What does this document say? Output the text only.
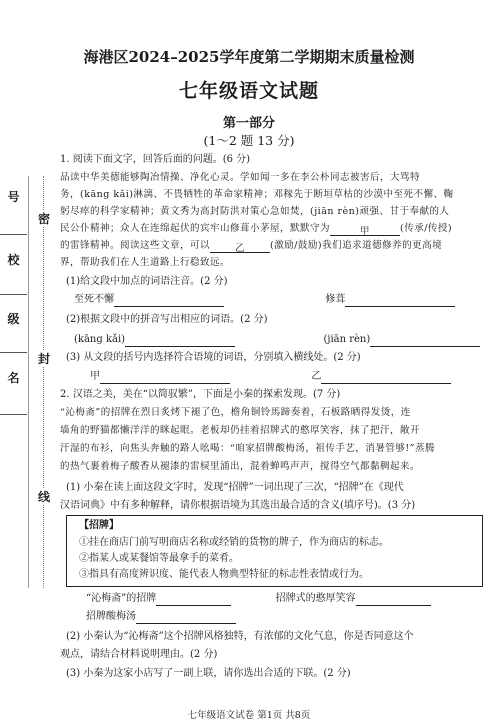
号
校
级
名
密
封
线
海港区2024–2025学年度第二学期期末质量检测
七年级语文试题
第一部分
(1～2 题 13 分)
1. 阅读下面文字，回答后面的问题。(6 分)
品读中华美德能够陶冶情操、净化心灵。学如闻一多在李公朴同志被害后，大骂特
务，(kāng kǎi)淋漓、不畏牺牲的革命家精神；邓稼先于断垣草枯的沙漠中至死不懈、鞠
躬尽瘁的科学家精神；黄文秀为高封防洪对策心急如焚，(jiān rèn)顽强、甘于奉献的人
民公仆精神；众人在连绵起伏的宾牢山修葺小茅屋，默默守为	甲	(传承/传授)
的雷锋精神。阅读这些文章，可以	乙	(激励/鼓励)我们追求道德修养的更高境
界，帮助我们在人生道路上行稳致远。
(1)给文段中加点的词语注音。(2 分)
至死不懈	修葺
(2)根据文段中的拼音写出相应的词语。(2 分)
(kāng kǎi)	(jiān rèn)
(3) 从文段的括号内选择符合语境的词语，分别填入横线处。(2 分)
甲	乙
2. 汉语之美，美在“以简驭繁”，下面是小秦的探索发现。(7 分)
“沁梅斋”的招牌在烈日炙烤下褪了色，檐角铜铃馬蹄奏着，石板路晒得发烫，连
墙角的野猫都懒洋洋的眯起眼。老板却仍挂着招牌式的憨厚笑容，抹了把汗，敞开
汗湿的布衫，向焦头奔触的路人吆喝：“咱家招牌酸梅汤，祖传手艺，消暑管够!”蒸腾
的热气裹着梅子酸香从褪漆的雷棂里涌出，混着蝉鸣声声，搅得空气都黏稠起来。
(1) 小秦在读上面这段文字时，发现“招牌”一词出现了三次，“招牌”在《现代
汉语词典》中有多种解释，请你根据语境为其选出最合适的含义(填序号)。(3 分)
【招牌】
①挂在商店门前写明商店名称或经销的货物的牌子，作为商店的标志。
②指某人或某餐馆等最拿手的菜肴。
③指具有高度辨识度、能代表人物典型特征的标志性表情或行为。
“沁梅斋”的招牌	招牌式的憨厚笑容
招牌酸梅汤
(2) 小秦认为“沁梅斋”这个招牌风格独特，有浓郁的文化气息，你是否同意这个
观点，请结合材料说明理由。(2 分)
(3) 小秦为这家小店写了一副上联，请你选出合适的下联。(2 分)
七年级语文试卷 第1页 共8页
